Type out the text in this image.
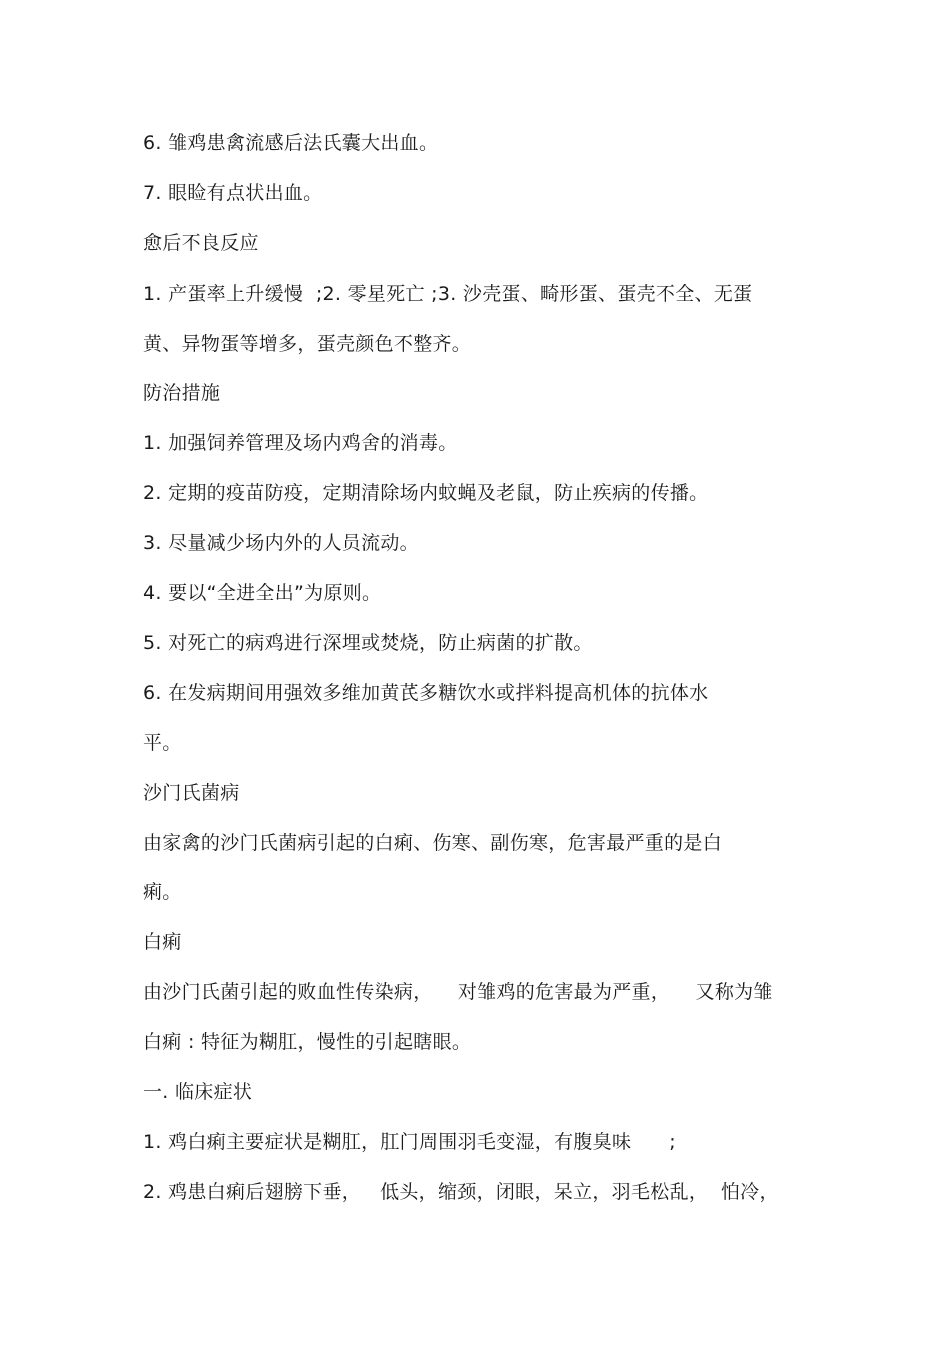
6. 雏鸡患禽流感后法氏囊大出血。
7. 眼睑有点状出血。
愈后不良反应
1. 产蛋率上升缓慢  ;2. 零星死亡 ;3. 沙壳蛋、畸形蛋、蛋壳不全、无蛋
黄、异物蛋等增多，蛋壳颜色不整齐。
防治措施
1. 加强饲养管理及场内鸡舍的消毒。
2. 定期的疫苗防疫，定期清除场内蚊蝇及老鼠，防止疾病的传播。
3. 尽量减少场内外的人员流动。
4. 要以“全进全出”为原则。
5. 对死亡的病鸡进行深埋或焚烧，防止病菌的扩散。
6. 在发病期间用强效多维加黄芪多糖饮水或拌料提高机体的抗体水
平。
沙门氏菌病
由家禽的沙门氏菌病引起的白痢、伤寒、副伤寒，危害最严重的是白
痢。
白痢
由沙门氏菌引起的败血性传染病，    对雏鸡的危害最为严重，    又称为雏
白痢 : 特征为糊肛，慢性的引起瞎眼。
一. 临床症状
1. 鸡白痢主要症状是糊肛，肛门周围羽毛变湿，有腹臭味      ;
2. 鸡患白痢后翅膀下垂，   低头，缩颈，闭眼，呆立，羽毛松乱，  怕冷，
